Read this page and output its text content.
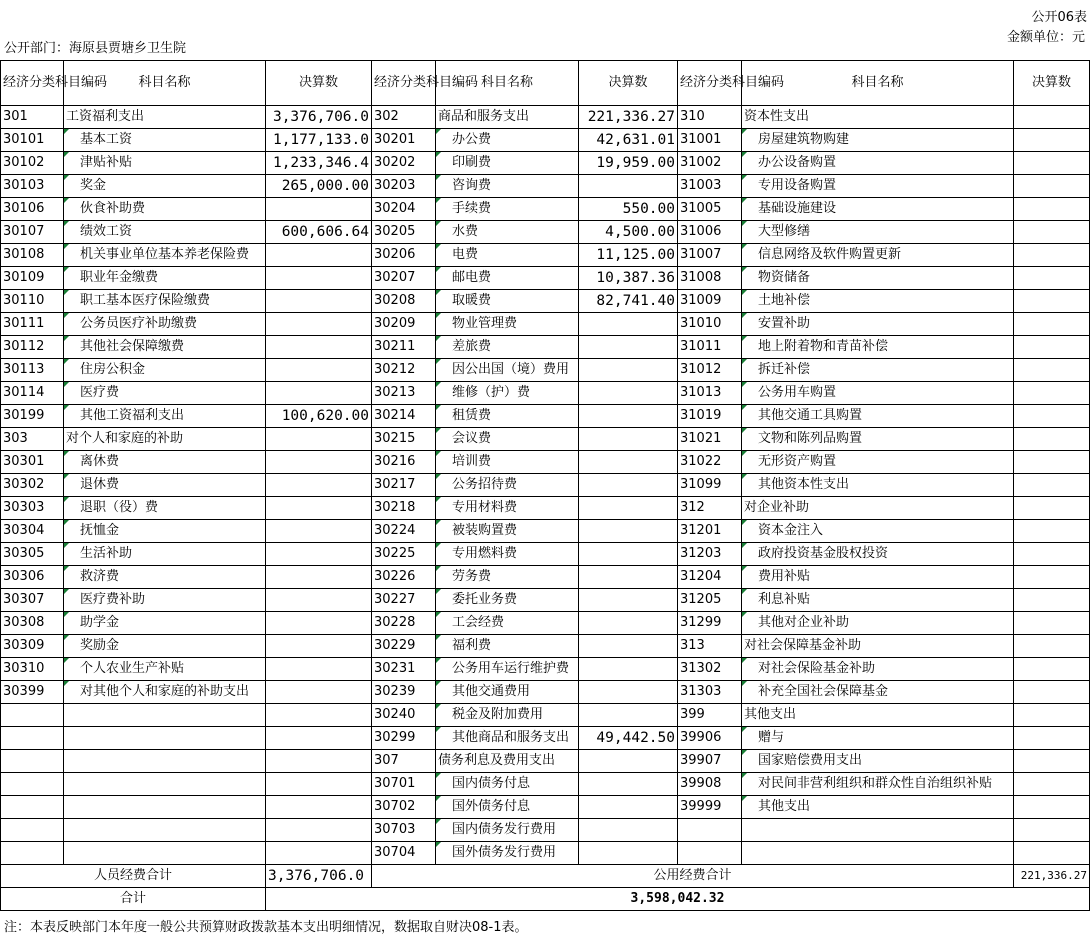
公开06表
公开部门：海原县贾塘乡卫生院
金额单位：元
经济分类科目编码	科目名称	决算数	经济分类科目编码	科目名称	决算数	经济分类科目编码	科目名称	决算数
301	工资福利支出	3,376,706.0	302	商品和服务支出	221,336.27	310	资本性支出	
30101	基本工资	1,177,133.0	30201	办公费	42,631.01	31001	房屋建筑物购建	
30102	津贴补贴	1,233,346.4	30202	印刷费	19,959.00	31002	办公设备购置	
30103	奖金	265,000.00	30203	咨询费		31003	专用设备购置	
30106	伙食补助费		30204	手续费	550.00	31005	基础设施建设	
30107	绩效工资	600,606.64	30205	水费	4,500.00	31006	大型修缮	
30108	机关事业单位基本养老保险费		30206	电费	11,125.00	31007	信息网络及软件购置更新	
30109	职业年金缴费		30207	邮电费	10,387.36	31008	物资储备	
30110	职工基本医疗保险缴费		30208	取暖费	82,741.40	31009	土地补偿	
30111	公务员医疗补助缴费		30209	物业管理费		31010	安置补助	
30112	其他社会保障缴费		30211	差旅费		31011	地上附着物和青苗补偿	
30113	住房公积金		30212	因公出国（境）费用		31012	拆迁补偿	
30114	医疗费		30213	维修（护）费		31013	公务用车购置	
30199	其他工资福利支出	100,620.00	30214	租赁费		31019	其他交通工具购置	
303	对个人和家庭的补助		30215	会议费		31021	文物和陈列品购置	
30301	离休费		30216	培训费		31022	无形资产购置	
30302	退休费		30217	公务招待费		31099	其他资本性支出	
30303	退职（役）费		30218	专用材料费		312	对企业补助	
30304	抚恤金		30224	被装购置费		31201	资本金注入	
30305	生活补助		30225	专用燃料费		31203	政府投资基金股权投资	
30306	救济费		30226	劳务费		31204	费用补贴	
30307	医疗费补助		30227	委托业务费		31205	利息补贴	
30308	助学金		30228	工会经费		31299	其他对企业补助	
30309	奖励金		30229	福利费		313	对社会保障基金补助	
30310	个人农业生产补贴		30231	公务用车运行维护费		31302	对社会保险基金补助	
30399	对其他个人和家庭的补助支出		30239	其他交通费用		31303	补充全国社会保障基金	
			30240	税金及附加费用		399	其他支出	
			30299	其他商品和服务支出	49,442.50	39906	赠与	
			307	债务利息及费用支出		39907	国家赔偿费用支出	
			30701	国内债务付息		39908	对民间非营利组织和群众性自治组织补贴	
			30702	国外债务付息		39999	其他支出	
			30703	国内债务发行费用				
			30704	国外债务发行费用				

人员经费合计 3,376,706.0			公用经费合计					221,336.27
合计		3,598,042.32						
注：本表反映部门本年度一般公共预算财政拨款基本支出明细情况，数据取自财决08-1表。
